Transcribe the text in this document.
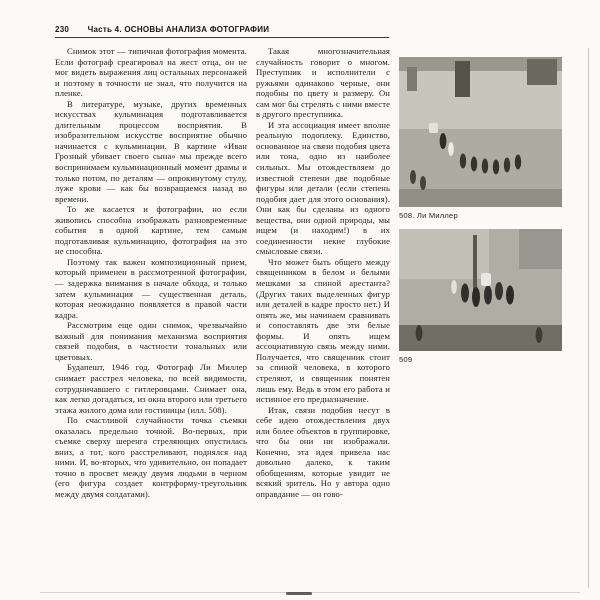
230 Часть 4. ОСНОВЫ АНАЛИЗА ФОТОГРАФИИ

Снимок этот — типичная фотография момента. Если фотограф среагировал на жест отца, он не мог видеть выражения лиц остальных персонажей и поэтому в точности не знал, что получится на пленке.

В литературе, музыке, других временных искусствах кульминация подготавливается длительным процессом восприятия. В изобразительном искусстве восприятие обычно начинается с кульминации. В картине «Иван Грозный убивает своего сына» мы прежде всего воспринимаем кульминационный момент драмы и только потом, по деталям — опрокинутому стулу, луже крови — как бы возвращаемся назад во времени.

То же касается и фотографии, но если живопись способна изображать разновременные события в одной картине, тем самым подготавливая кульминацию, фотография на это не способна.

Поэтому так важен композиционный прием, который применен в рассмотренной фотографии, — задержка внимания в начале обхода, и только затем кульминация — существенная деталь, которая неожиданно появляется в правой части кадра.

Рассмотрим еще один снимок, чрезвычайно важный для понимания механизма восприятия связей подобия, в частности тональных или цветовых.

Будапешт, 1946 год. Фотограф Ли Миллер снимает расстрел человека, по всей видимости, сотрудничавшего с гитлеровцами. Снимает она, как легко догадаться, из окна второго или третьего этажа жилого дома или гостиницы (илл. 508).

По счастливой случайности точка съемки оказалась предельно точной. Во-первых, при съемке сверху шеренга стреляющих опустилась вниз, а тот, кого расстреливают, поднялся над ними. И, во-вторых, что удивительно, он попадает точно в просвет между двумя людьми в черном (его фигура создает контрформу-треугольник между двумя солдатами).

Такая многозначительная случайность говорит о многом. Преступник и исполнители с ружьями одинаково черные, они подобны по цвету и размеру. Он сам мог бы стрелять с ними вместе в другого преступника.

И эта ассоциация имеет вполне реальную подоплеку. Единство, основанное на связи подобия цвета или тона, одно из наиболее сильных. Мы отождествляем до известной степени две подобные фигуры или детали (если степень подобия дает для этого основания). Они как бы сделаны из одного вещества, они одной природы, мы ищем (и находим!) в их соединенности некие глубокие смысловые связи.

Что может быть общего между священником в белом и белыми мешками за спиной арестанта? (Других таких выделенных фигур или деталей в кадре просто нет.) И опять же, мы начинаем сравнивать и сопоставлять две эти белые формы. И опять ищем ассоциативную связь между ними. Получается, что священник стоит за спиной человека, в которого стреляют, и священник понятен лишь ему. Ведь в этом его работа и истинное его предназначение.

Итак, связи подобия несут в себе идею отождествления двух или более объектов в группировке, что бы они ни изображали. Конечно, эта идея привела нас довольно далеко, к таким обобщениям, которые увидит не всякий зритель. Но у автора одно оправдание — он гово-

508. Ли Миллер
509
